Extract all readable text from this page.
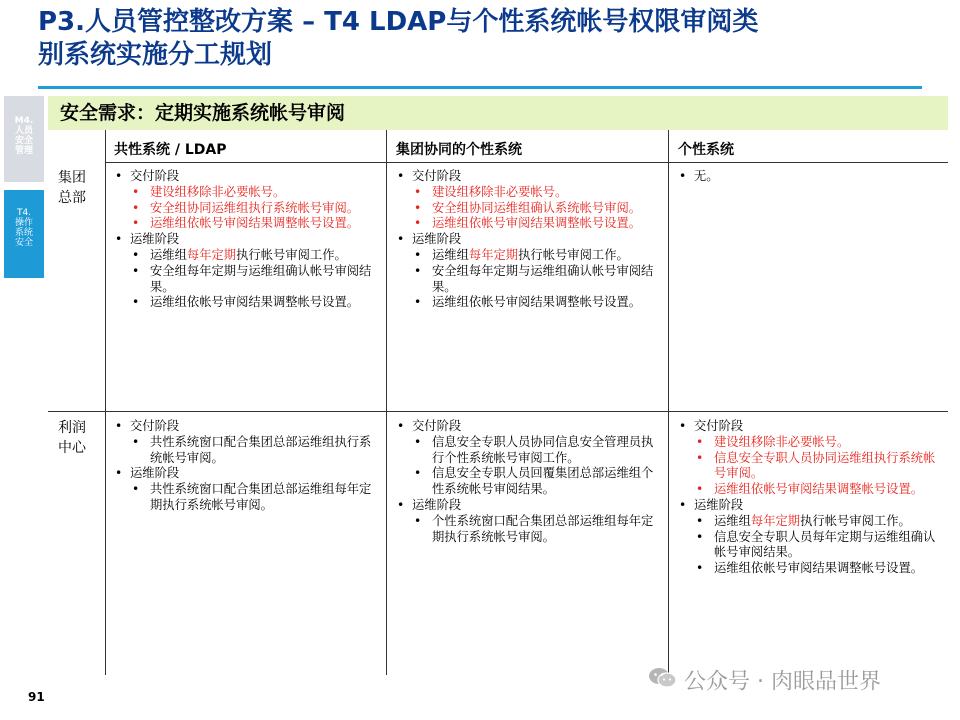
P3.人员管控整改方案 – T4 LDAP与个性系统帐号权限审阅类
别系统实施分工规划
M4.
人员
安全
管理
T4.
操作
系统
安全
安全需求：定期实施系统帐号审阅
共性系统 / LDAP	集团协同的个性系统	个性系统
集团
总部
利润
中心
• 交付阶段
• 建设组移除非必要帐号。
• 安全组协同运维组执行系统帐号审阅。
• 运维组依帐号审阅结果调整帐号设置。
• 运维阶段
• 运维组每年定期执行帐号审阅工作。
• 安全组每年定期与运维组确认帐号审阅结果。
• 运维组依帐号审阅结果调整帐号设置。
• 交付阶段
• 建设组移除非必要帐号。
• 安全组协同运维组确认系统帐号审阅。
• 运维组依帐号审阅结果调整帐号设置。
• 运维阶段
• 运维组每年定期执行帐号审阅工作。
• 安全组每年定期与运维组确认帐号审阅结果。
• 运维组依帐号审阅结果调整帐号设置。
• 无。
• 交付阶段
• 共性系统窗口配合集团总部运维组执行系统帐号审阅。
• 运维阶段
• 共性系统窗口配合集团总部运维组每年定期执行系统帐号审阅。
• 交付阶段
• 信息安全专职人员协同信息安全管理员执行个性系统帐号审阅工作。
• 信息安全专职人员回覆集团总部运维组个性系统帐号审阅结果。
• 运维阶段
• 个性系统窗口配合集团总部运维组每年定期执行系统帐号审阅。
• 交付阶段
• 建设组移除非必要帐号。
• 信息安全专职人员协同运维组执行系统帐号审阅。
• 运维组依帐号审阅结果调整帐号设置。
• 运维阶段
• 运维组每年定期执行帐号审阅工作。
• 信息安全专职人员每年定期与运维组确认帐号审阅结果。
• 运维组依帐号审阅结果调整帐号设置。
91
公众号 · 肉眼品世界
